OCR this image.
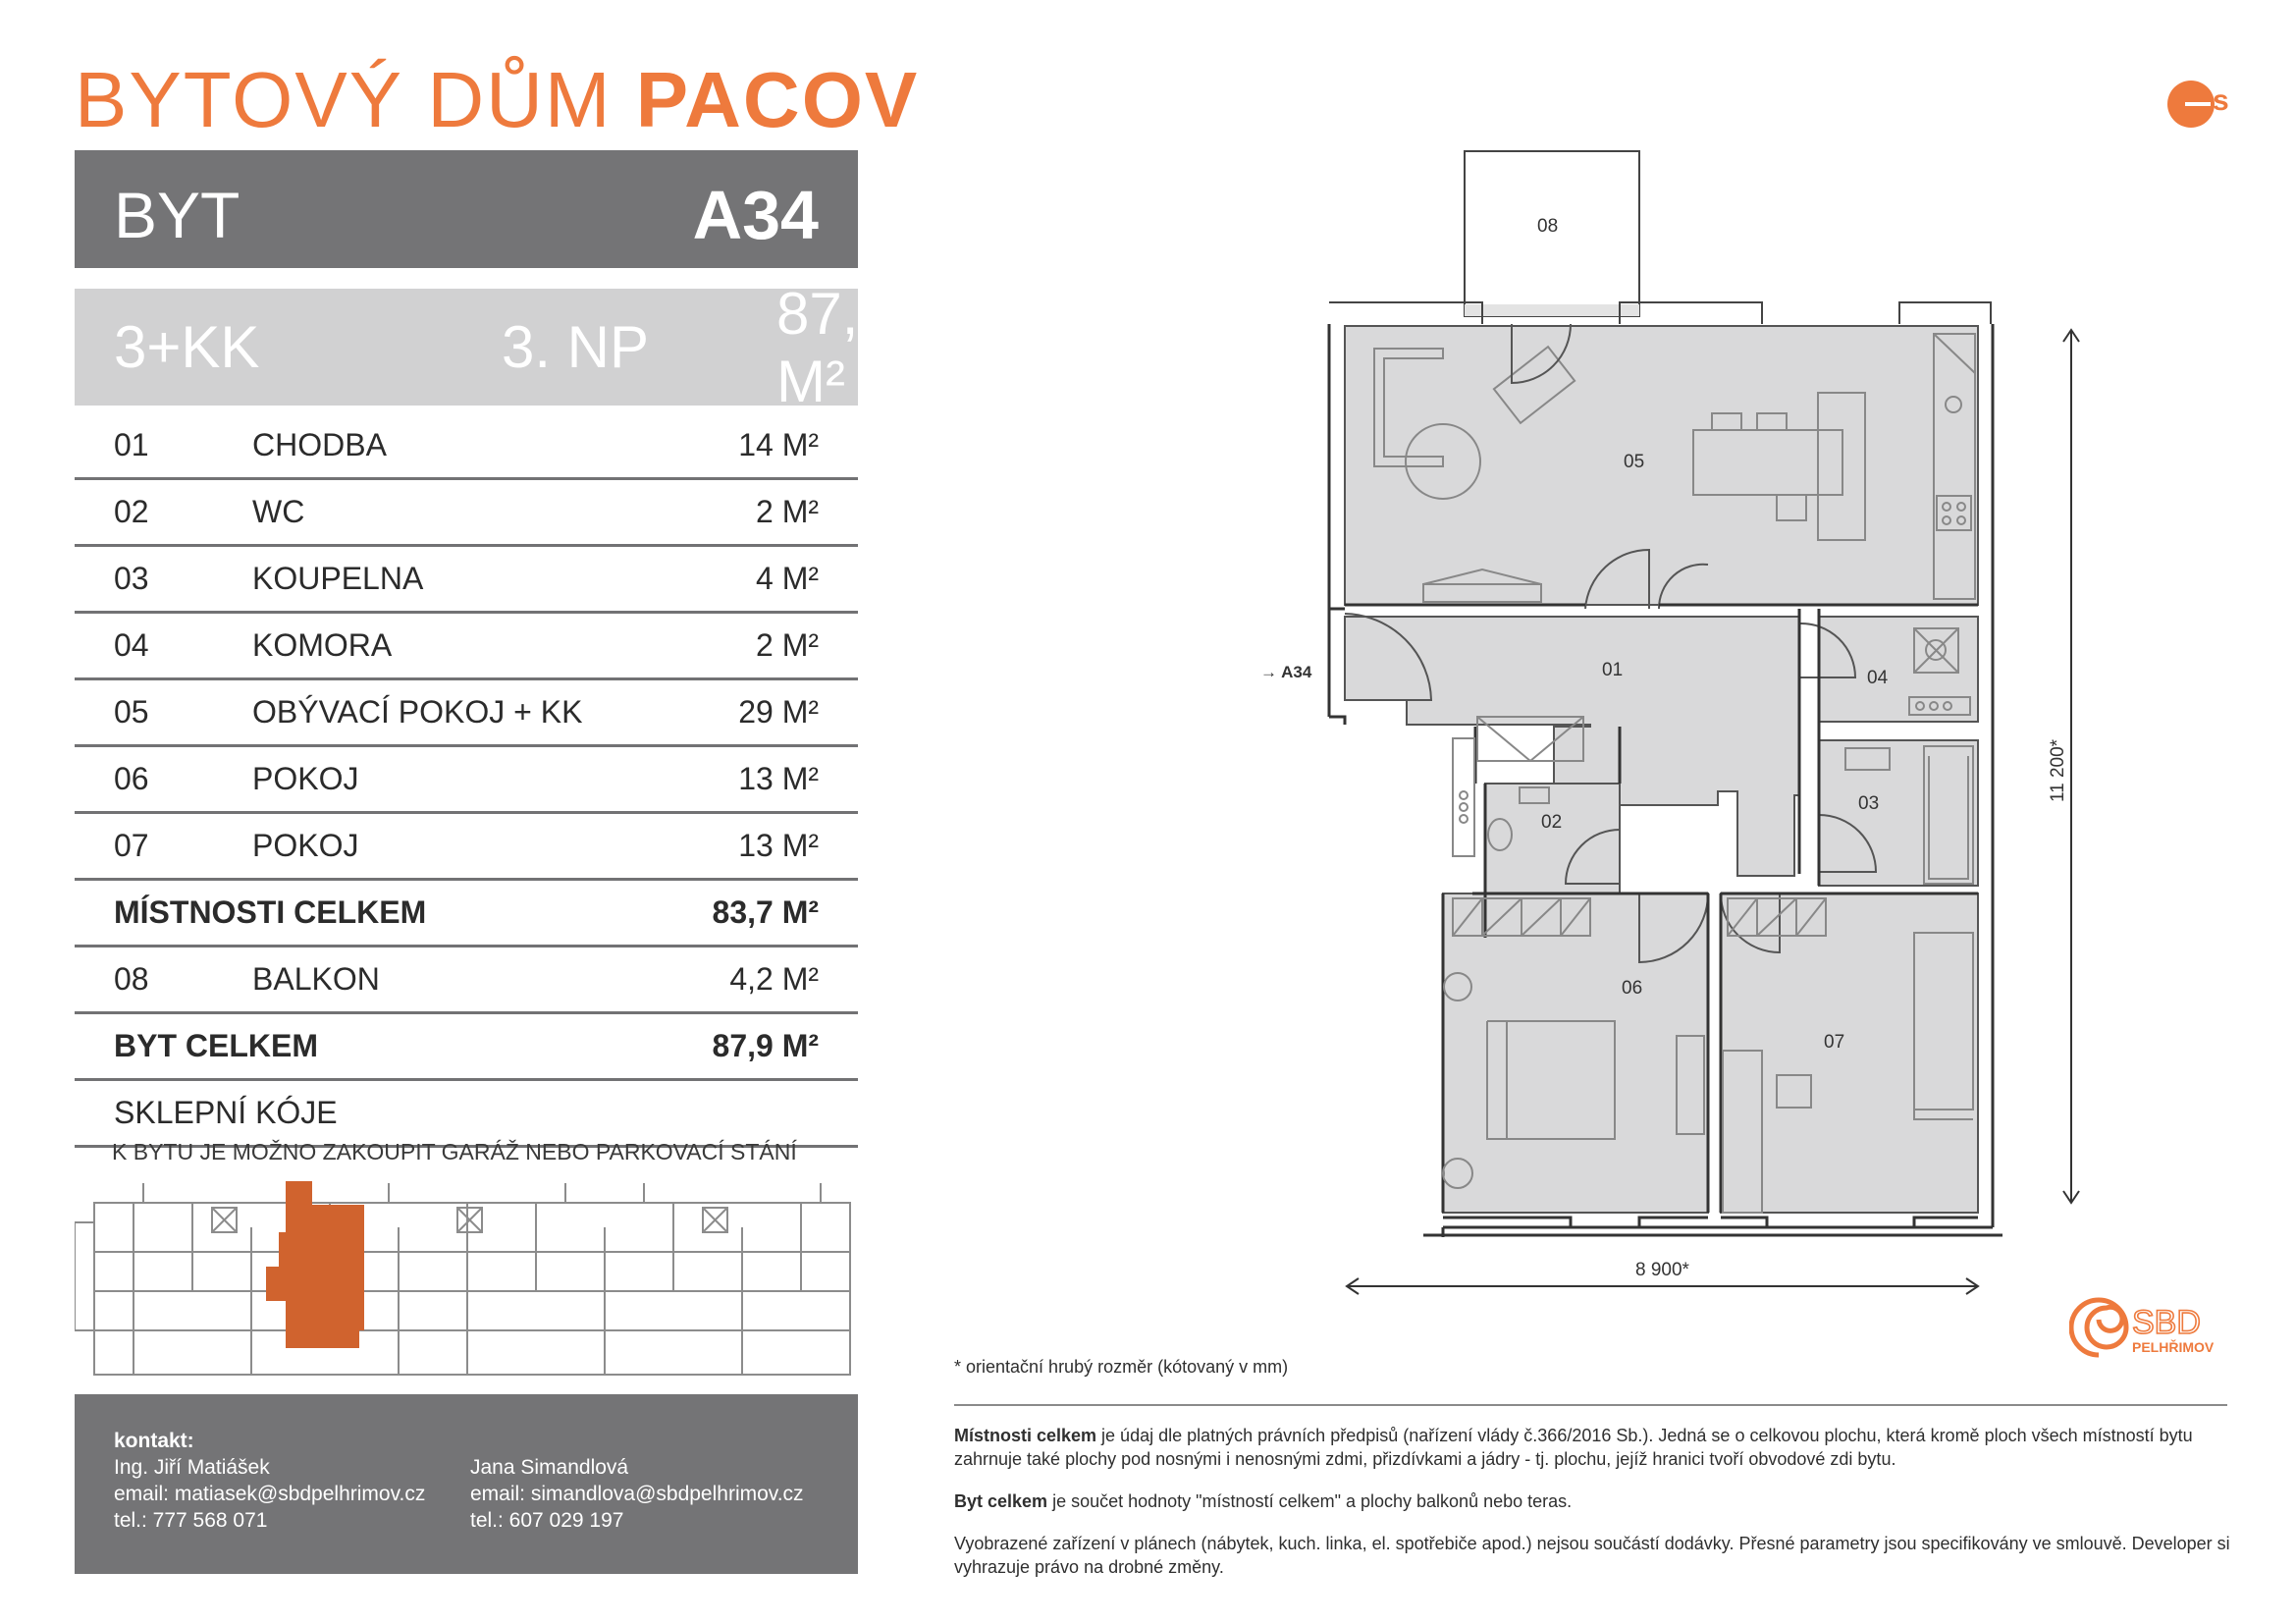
BYTOVÝ DŮM PACOV
BYT	A34
3+KK	3. NP
87,9 M²
01	CHODBA	14 M²
02	WC	2 M²
03	KOUPELNA	4 M²
04	KOMORA	2 M²
05	OBÝVACÍ POKOJ + KK	29 M²
06	POKOJ	13 M²
07	POKOJ	13 M²
MÍSTNOSTI CELKEM	83,7 M²
08	BALKON	4,2 M²
BYT CELKEM	87,9 M²
SKLEPNÍ KÓJE
K BYTU JE MOŽNO ZAKOUPIT GARÁŽ NEBO PARKOVACÍ STÁNÍ
kontakt:
Ing. Jiří Matiášek
email: matiasek@sbdpelhrimov.cz
tel.: 777 568 071
Jana Simandlová
email: simandlova@sbdpelhrimov.cz
tel.: 607 029 197
s
08
05
01	04
02
03
06
07
8 900*
11 200*
→ A34
SBD
PELHŘIMOV
* orientační hrubý rozměr (kótovaný v mm)
Místnosti celkem je údaj dle platných právních předpisů (nařízení vlády č.366/2016 Sb.). Jedná se o celkovou plochu, která kromě ploch všech místností bytu zahrnuje také plochy pod nosnými i nenosnými zdmi, přizdívkami a jádry - tj. plochu, jejíž hranici tvoří obvodové zdi bytu.
Byt celkem je součet hodnoty "místností celkem" a plochy balkonů nebo teras.
Vyobrazené zařízení v plánech (nábytek, kuch. linka, el. spotřebiče apod.) nejsou součástí dodávky. Přesné parametry jsou specifikovány ve smlouvě. Developer si vyhrazuje právo na drobné změny.
